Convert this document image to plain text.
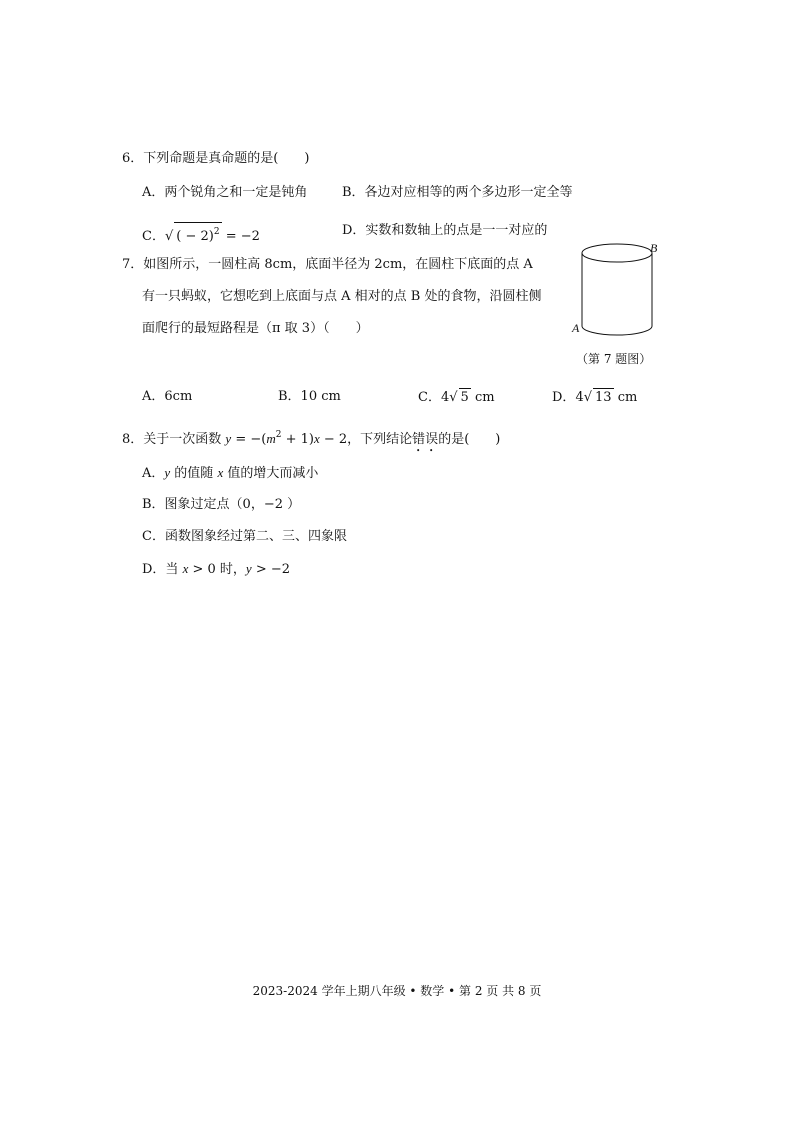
6．下列命题是真命题的是(　　)
A．两个锐角之和一定是钝角	B．各边对应相等的两个多边形一定全等
C．√ ( − 2)$^2$ = −2	D．实数和数轴上的点是一一对应的
7．如图所示，一圆柱高 8cm，底面半径为 2cm，在圆柱下底面的点 A
有一只蚂蚁，它想吃到上底面与点 A 相对的点 B 处的食物，沿圆柱侧
面爬行的最短路程是（π 取 3）（　　）
B
A
（第 7 题图）
A．6cm	B．10 cm	C．4√ 5 cm	D．4√ 13 cm
8．关于一次函数 $y = -(m^2 + 1)x - 2$，下列结论错误的是(　　)
A．y 的值随 x 值的增大而减小
B．图象过定点（0，−2 ）
C．函数图象经过第二、三、四象限
D．当 x > 0 时，y > −2
2023-2024 学年上期八年级 • 数学 • 第 2 页 共 8 页
